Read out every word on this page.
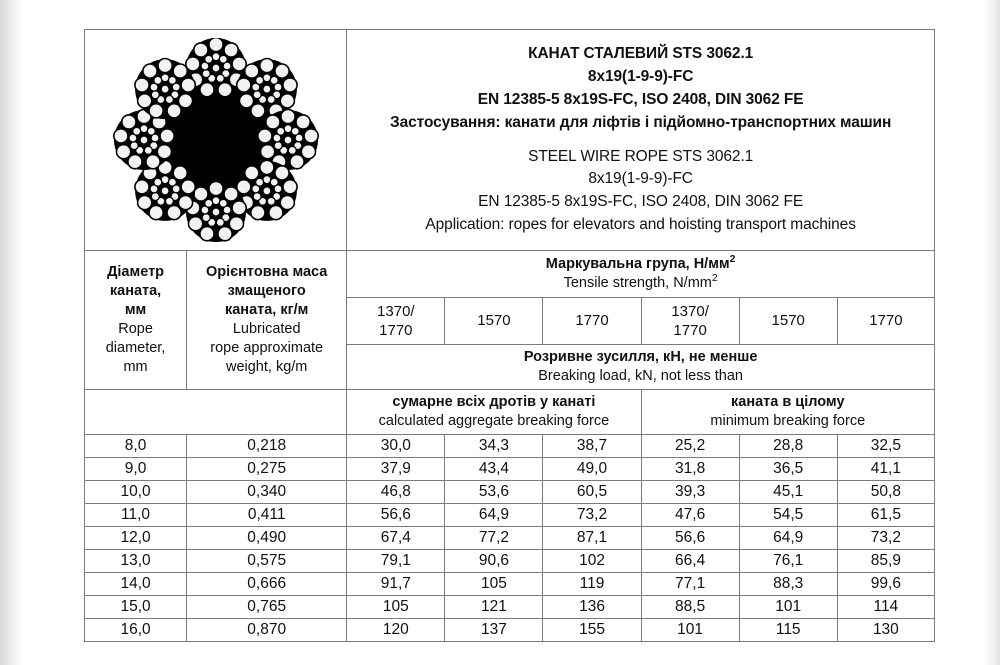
КАНАТ СТАЛЕВИЙ STS 3062.1
8x19(1-9-9)-FC
EN 12385-5 8x19S-FC, ISO 2408, DIN 3062 FE
Застосування: канати для ліфтів і підйомно-транспортних машин
STEEL WIRE ROPE STS 3062.1
8x19(1-9-9)-FC
EN 12385-5 8x19S-FC, ISO 2408, DIN 3062 FE
Application: ropes for elevators and hoisting transport machines

Діаметр
каната,
мм
Rope
diameter,
mm

Орієнтовна маса
змащеного
каната, кг/м
Lubricated
rope approximate
weight, kg/m

Маркувальна група, $Н/мм^2$
Tensile strength, $N/mm^2$

		1370/
1770	1570	1770	1370/
1770	1570	1770

		Розривне зусилля, кН, не менше
Breaking load, kN, not less than					

сумарне всіх дротів у канаті
calculated aggregate breaking force

каната в цілому
minimum breaking force

8,0	0,218	30,0	34,3	38,7	25,2	28,8	32,5
9,0	0,275	37,9	43,4	49,0	31,8	36,5	41,1
10,0	0,340	46,8	53,6	60,5	39,3	45,1	50,8
11,0	0,411	56,6	64,9	73,2	47,6	54,5	61,5
12,0	0,490	67,4	77,2	87,1	56,6	64,9	73,2
13,0	0,575	79,1	90,6	102	66,4	76,1	85,9
14,0	0,666	91,7	105	119	77,1	88,3	99,6
15,0	0,765	105	121	136	88,5	101	114
16,0	0,870	120	137	155	101	115	130
